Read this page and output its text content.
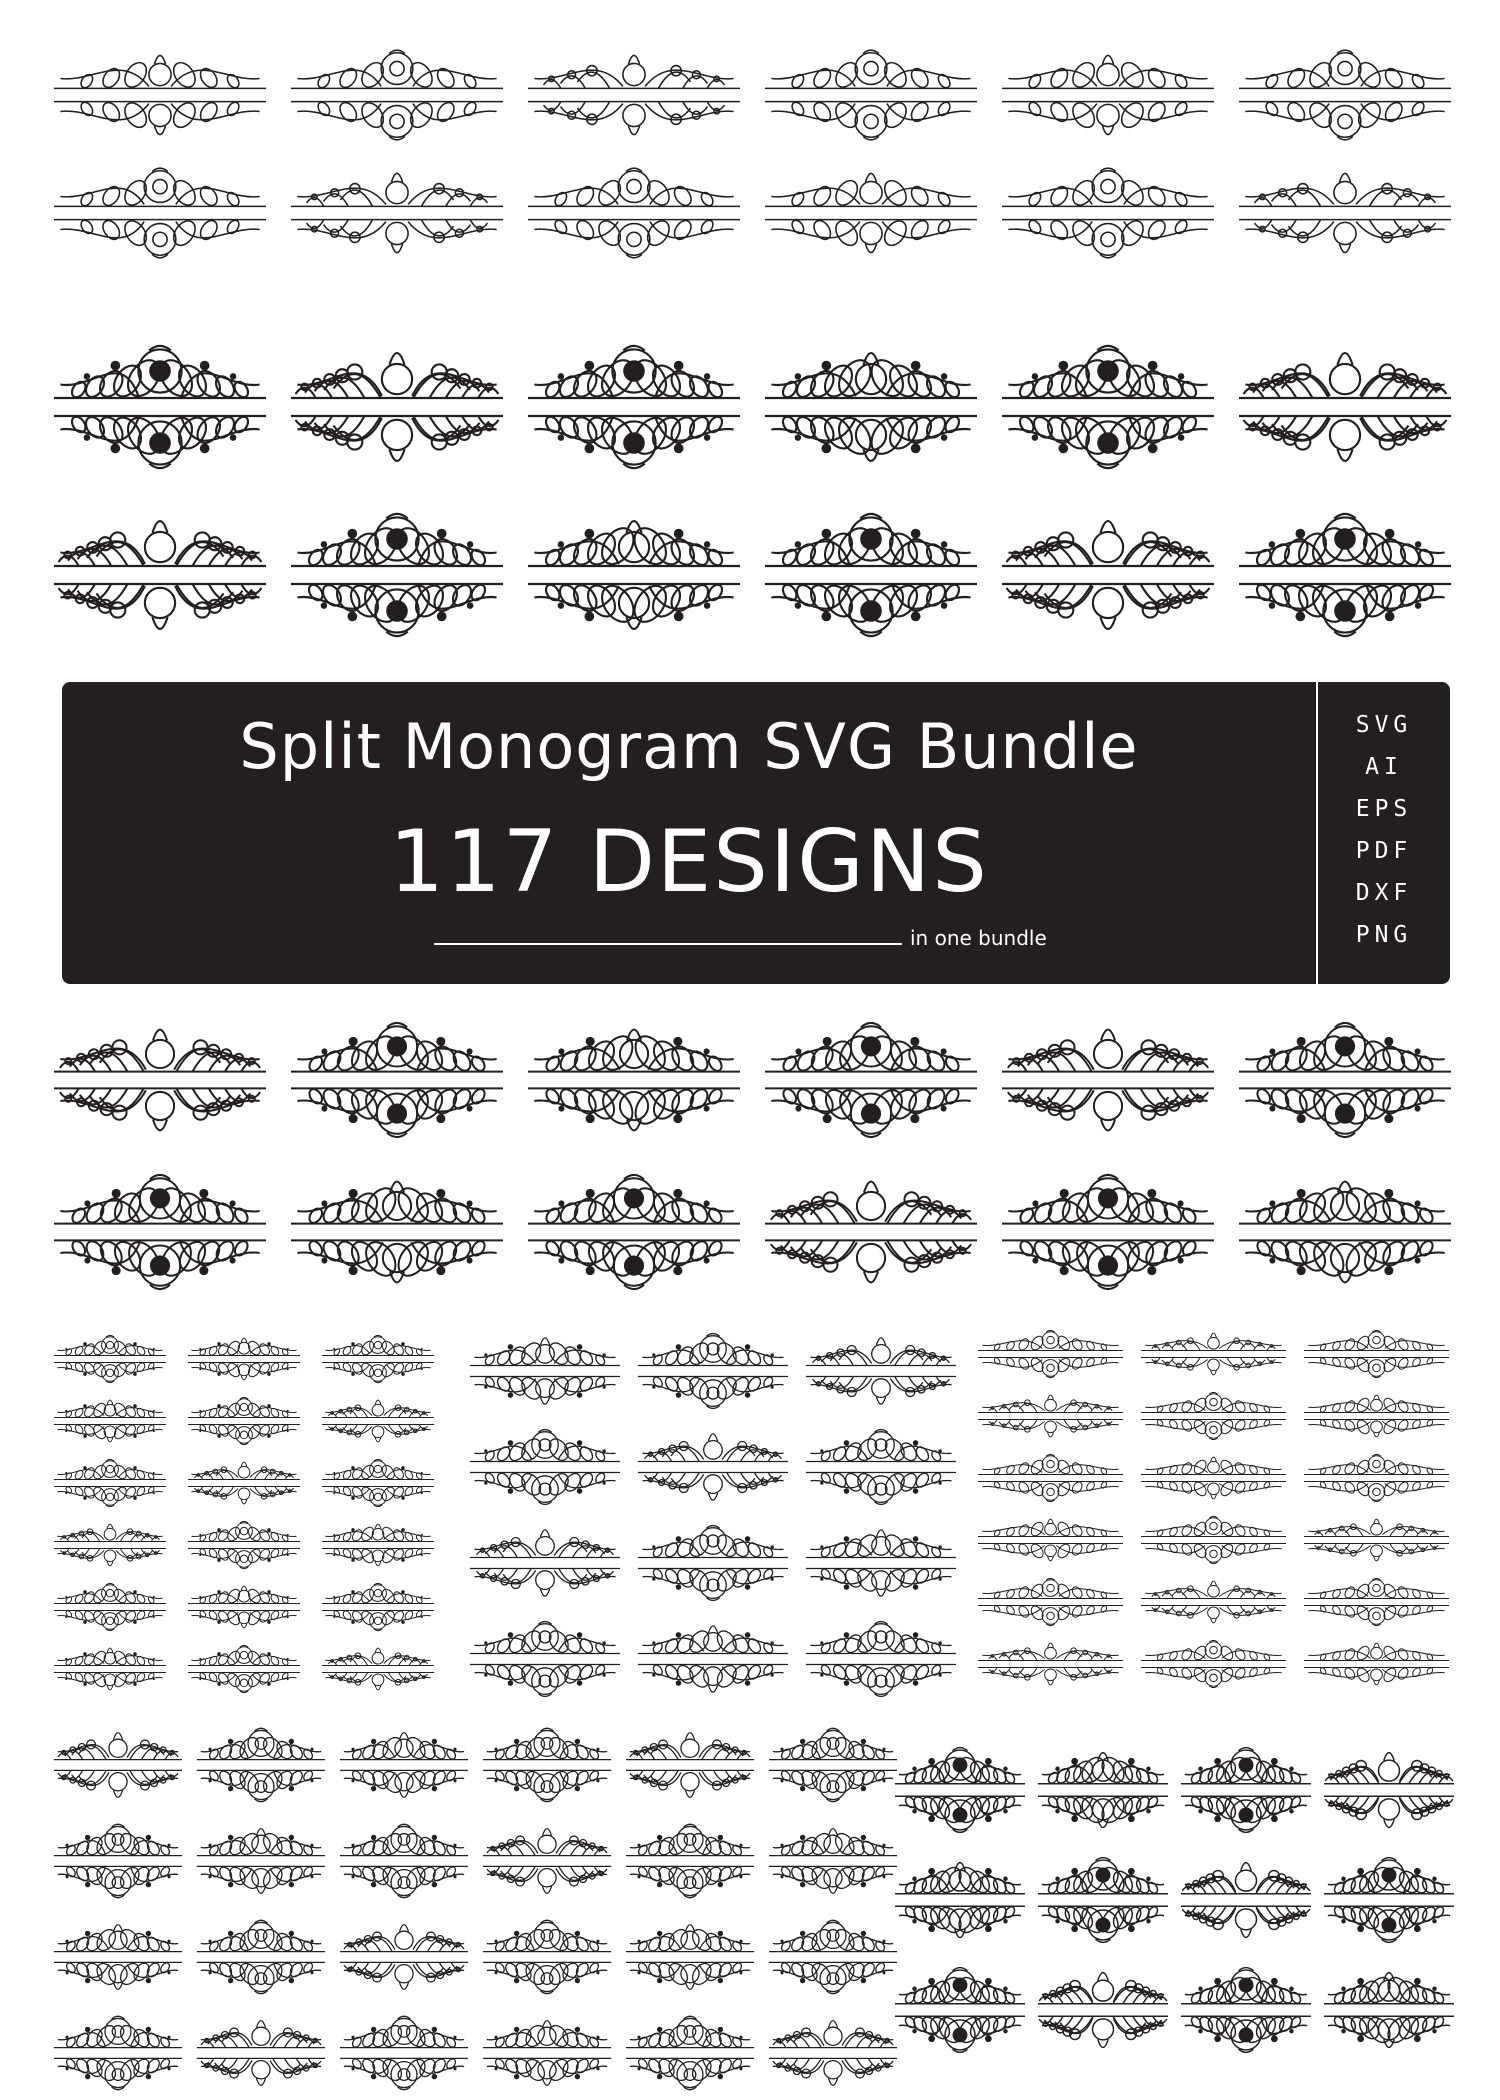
Split Monogram SVG Bundle
117 DESIGNS
in one bundle
SVG
AI
EPS
PDF
DXF
PNG
